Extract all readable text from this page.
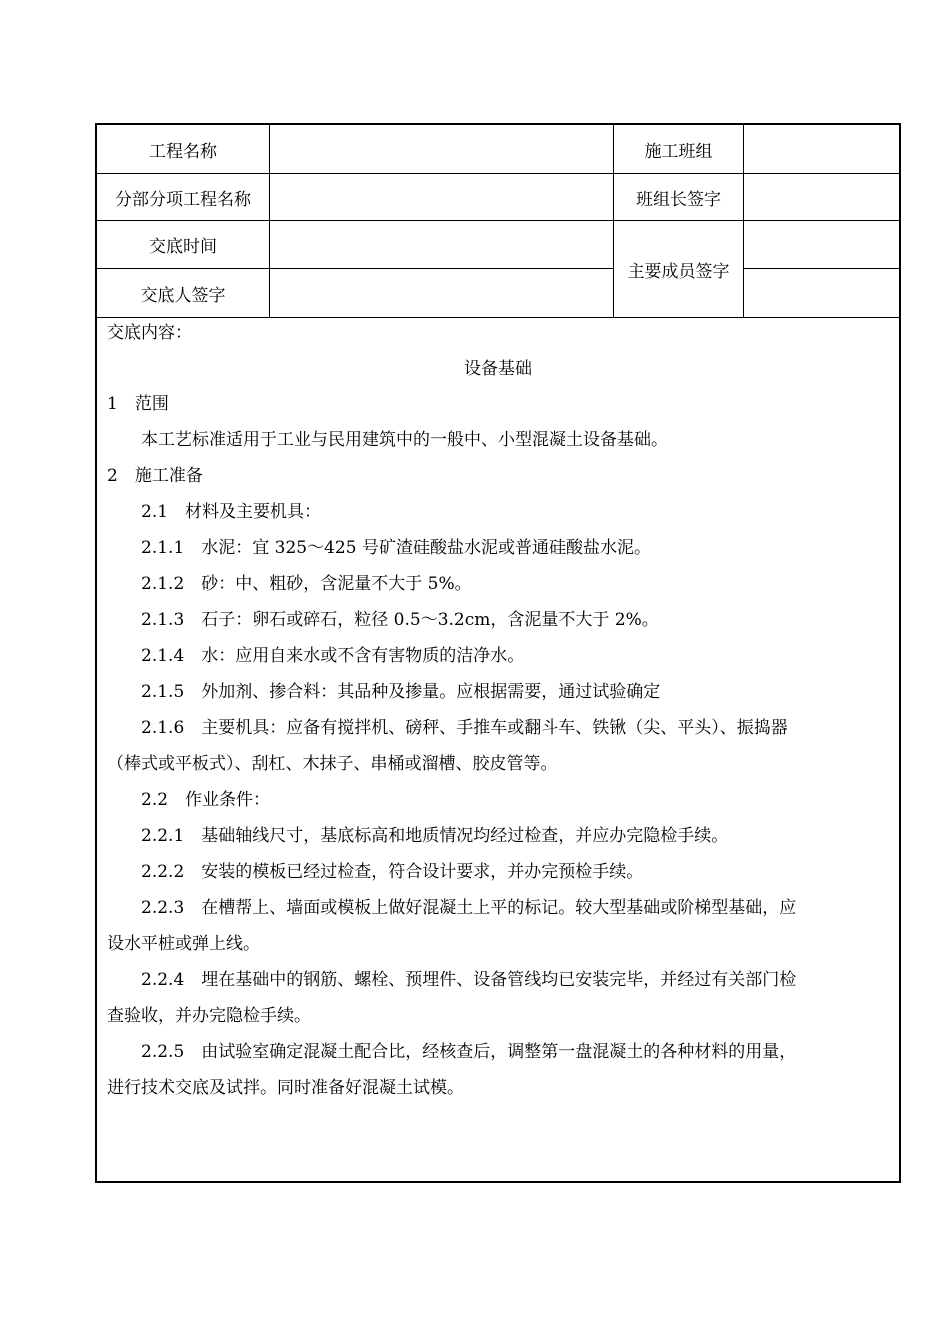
工程名称	施工班组
分部分项工程名称	班组长签字
交底时间
主要成员签字
交底人签字
交底内容：
设备基础
1　范围
本工艺标准适用于工业与民用建筑中的一般中、小型混凝土设备基础。
2　施工准备
2.1　材料及主要机具：
2.1.1　水泥：宜 325～425 号矿渣硅酸盐水泥或普通硅酸盐水泥。
2.1.2　砂：中、粗砂，含泥量不大于 5%。
2.1.3　石子：卵石或碎石，粒径 0.5～3.2cm，含泥量不大于 2%。
2.1.4　水：应用自来水或不含有害物质的洁净水。
2.1.5　外加剂、掺合料：其品种及掺量。应根据需要，通过试验确定
2.1.6　主要机具：应备有搅拌机、磅秤、手推车或翻斗车、铁锹（尖、平头）、振捣器
（棒式或平板式）、刮杠、木抹子、串桶或溜槽、胶皮管等。
2.2　作业条件：
2.2.1　基础轴线尺寸，基底标高和地质情况均经过检查，并应办完隐检手续。
2.2.2　安装的模板已经过检查，符合设计要求，并办完预检手续。
2.2.3　在槽帮上、墙面或模板上做好混凝土上平的标记。较大型基础或阶梯型基础，应
设水平桩或弹上线。
2.2.4　埋在基础中的钢筋、螺栓、预埋件、设备管线均已安装完毕，并经过有关部门检
查验收，并办完隐检手续。
2.2.5　由试验室确定混凝土配合比，经核查后，调整第一盘混凝土的各种材料的用量，
进行技术交底及试拌。同时准备好混凝土试模。
